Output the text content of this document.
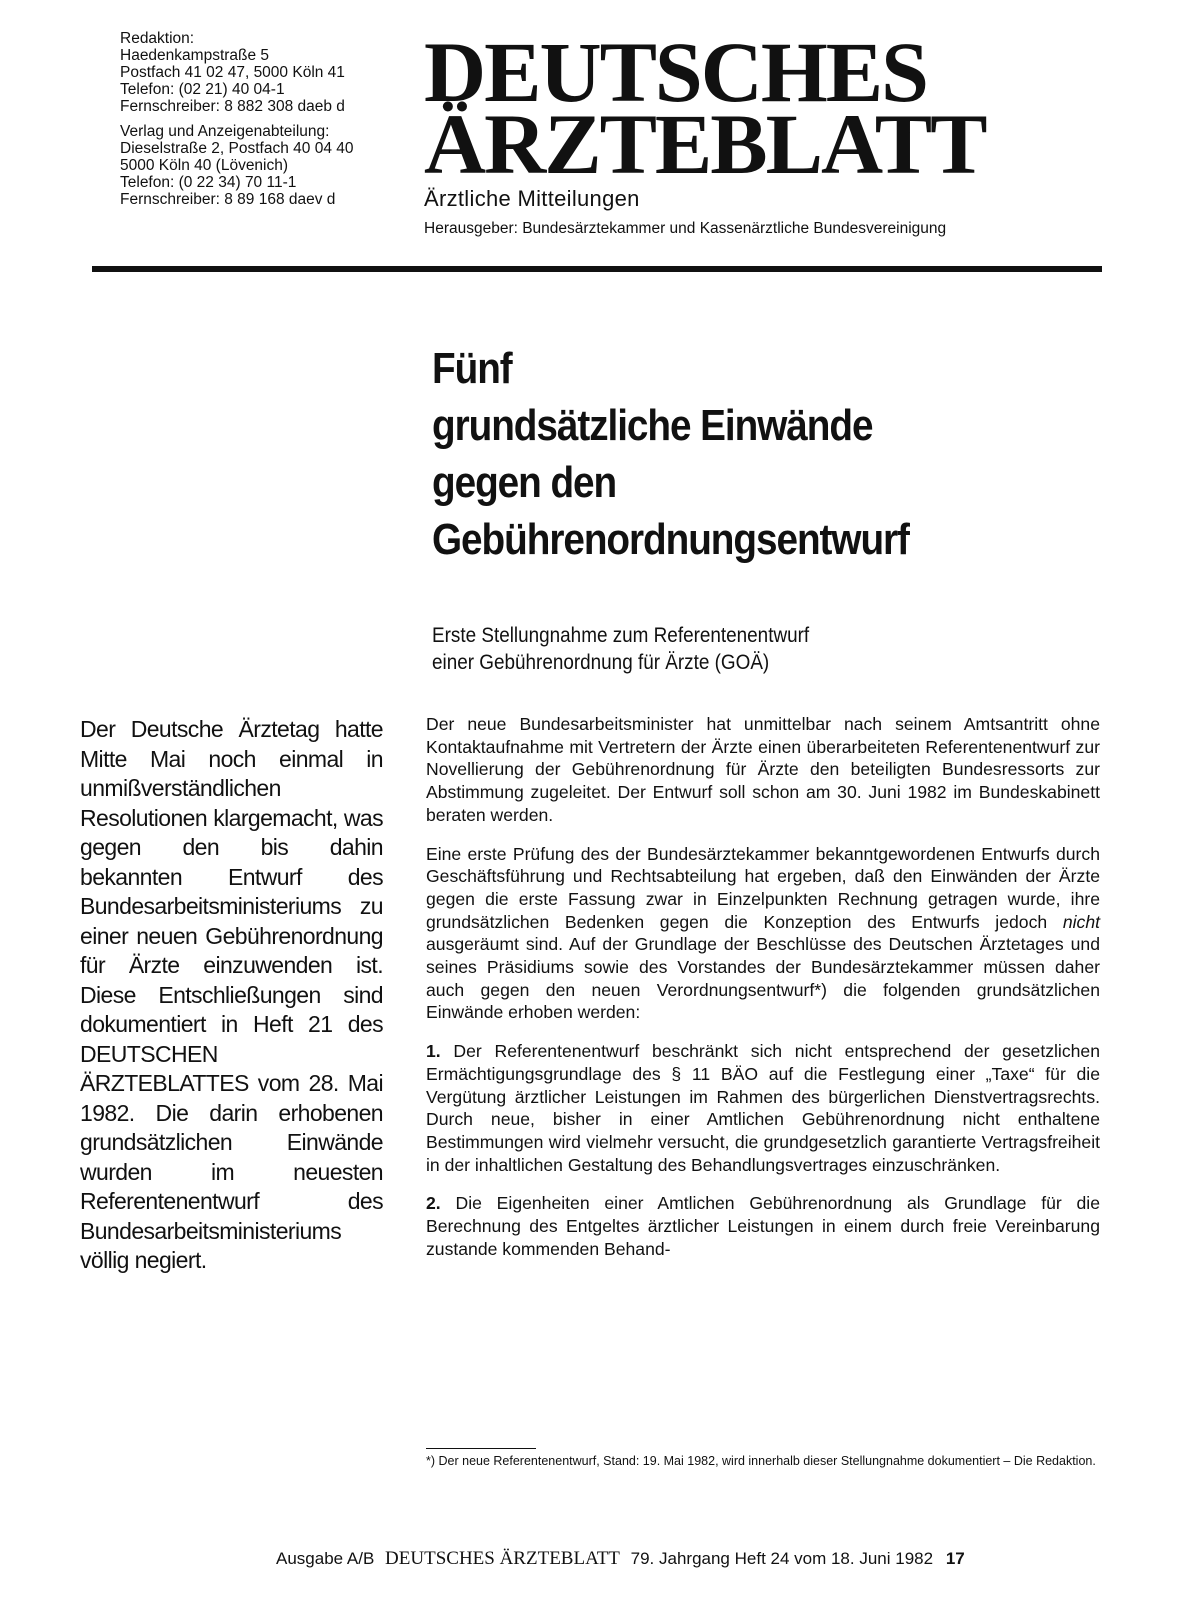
Redaktion:
Haedenkampstraße 5
Postfach 41 02 47, 5000 Köln 41
Telefon: (02 21) 40 04-1
Fernschreiber: 8 882 308 daeb d
Verlag und Anzeigenabteilung:
Dieselstraße 2, Postfach 40 04 40
5000 Köln 40 (Lövenich)
Telefon: (0 22 34) 70 11-1
Fernschreiber: 8 89 168 daev d
DEUTSCHES
ÄRZTEBLATT
Ärztliche Mitteilungen
Herausgeber: Bundesärztekammer und Kassenärztliche Bundesvereinigung
Fünf
grundsätzliche Einwände
gegen den
Gebührenordnungsentwurf
Erste Stellungnahme zum Referentenentwurf
einer Gebührenordnung für Ärzte (GOÄ)
Der Deutsche Ärztetag hatte Mitte Mai noch einmal in unmißverständlichen Resolutionen klargemacht, was gegen den bis dahin bekannten Entwurf des Bundesarbeitsministeriums zu einer neuen Gebührenordnung für Ärzte einzuwenden ist. Diese Entschließungen sind dokumentiert in Heft 21 des DEUTSCHEN ÄRZTEBLATTES vom 28. Mai 1982. Die darin erhobenen grundsätzlichen Einwände wurden im neuesten Referentenentwurf des Bundesarbeitsministeriums völlig negiert.

Der neue Bundesarbeitsminister hat unmittelbar nach seinem Amtsantritt ohne Kontaktaufnahme mit Vertretern der Ärzte einen überarbeiteten Referentenentwurf zur Novellierung der Gebührenordnung für Ärzte den beteiligten Bundesressorts zur Abstimmung zugeleitet. Der Entwurf soll schon am 30. Juni 1982 im Bundeskabinett beraten werden.

Eine erste Prüfung des der Bundesärztekammer bekanntgewordenen Entwurfs durch Geschäftsführung und Rechtsabteilung hat ergeben, daß den Einwänden der Ärzte gegen die erste Fassung zwar in Einzelpunkten Rechnung getragen wurde, ihre grundsätzlichen Bedenken gegen die Konzeption des Entwurfs jedoch nicht ausgeräumt sind. Auf der Grundlage der Beschlüsse des Deutschen Ärztetages und seines Präsidiums sowie des Vorstandes der Bundesärztekammer müssen daher auch gegen den neuen Verordnungsentwurf*) die folgenden grundsätzlichen Einwände erhoben werden:

1. Der Referentenentwurf beschränkt sich nicht entsprechend der gesetzlichen Ermächtigungsgrundlage des § 11 BÄO auf die Festlegung einer „Taxe“ für die Vergütung ärztlicher Leistungen im Rahmen des bürgerlichen Dienstvertragsrechts. Durch neue, bisher in einer Amtlichen Gebührenordnung nicht enthaltene Bestimmungen wird vielmehr versucht, die grundgesetzlich garantierte Vertragsfreiheit in der inhaltlichen Gestaltung des Behandlungsvertrages einzuschränken.

2. Die Eigenheiten einer Amtlichen Gebührenordnung als Grundlage für die Berechnung des Entgeltes ärztlicher Leistungen in einem durch freie Vereinbarung zustande kommenden Behand-

*) Der neue Referentenentwurf, Stand: 19. Mai 1982, wird innerhalb dieser Stellungnahme dokumentiert – Die Redaktion.
Ausgabe A/B DEUTSCHES ÄRZTEBLATT 79. Jahrgang Heft 24 vom 18. Juni 1982 17
